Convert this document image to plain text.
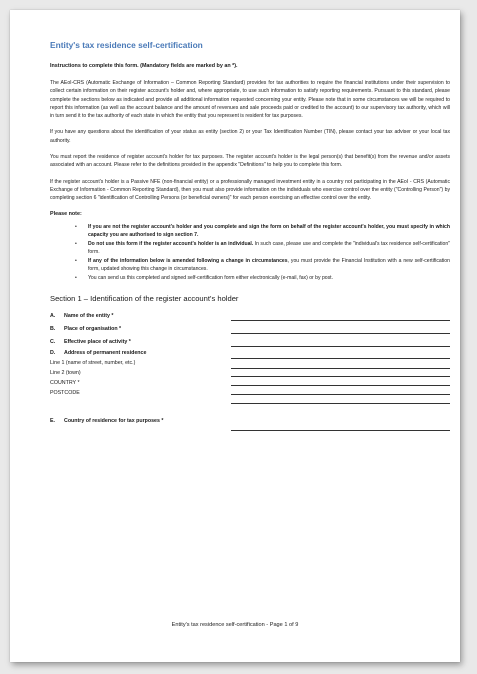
Entity's tax residence self-certification
Instructions to complete this form. (Mandatory fields are marked by an *).

The AEoI-CRS (Automatic Exchange of Information – Common Reporting Standard) provides for tax authorities to require the financial institutions under their supervision to collect certain information on their register account's holder and, where appropriate, to use such information to satisfy reporting requirements. Pursuant to this standard, please complete the sections below as indicated and provide all additional information requested concerning your entity. Please note that in some circumstances we will be required to report this information (as well as the account balance and the amount of revenues and sale proceeds paid or credited to the account) to our supervisory tax authority, which will in turn send it to the tax authority of each state in which the entity that you represent is resident for tax purposes.

If you have any questions about the identification of your status as entity (section 2) or your Tax Identification Number (TIN), please contact your tax adviser or your local tax authority.

You must report the residence of register account's holder for tax purposes. The register account's holder is the legal person(s) that benefit(s) from the revenue and/or assets associated with an account. Please refer to the definitions provided in the appendix "Definitions" to help you to complete this form.

If the register account's holder is a Passive NFE (non-financial entity) or a professionally managed investment entity in a country not participating in the AEoI - CRS (Automatic Exchange of Information - Common Reporting Standard), then you must also provide information on the individuals who exercise control over the entity ("Controlling Person") by completing section 6 "identification of Controlling Persons (or beneficial owners)" for each person exercising an effective control over the entity.

Please note:
• If you are not the register account's holder and you complete and sign the form on behalf of the register account's holder, you must specify in which capacity you are authorised to sign section 7.
• Do not use this form if the register account's holder is an individual. In such case, please use and complete the "individual's tax residence self-certification" form.
• If any of the information below is amended following a change in circumstances, you must provide the Financial Institution with a new self-certification form, updated showing this change in circumstances.
• You can send us this completed and signed self-certification form either electronically (e-mail, fax) or by post.
Section 1 – Identification of the register account's holder
A. Name of the entity *
B. Place of organisation *
C. Effective place of activity *
D. Address of permanent residence
Line 1 (name of street, number, etc.)
Line 2 (town)
COUNTRY *
POSTCODE
E. Country of residence for tax purposes *
Entity's tax residence self-certification - Page 1 of 9
